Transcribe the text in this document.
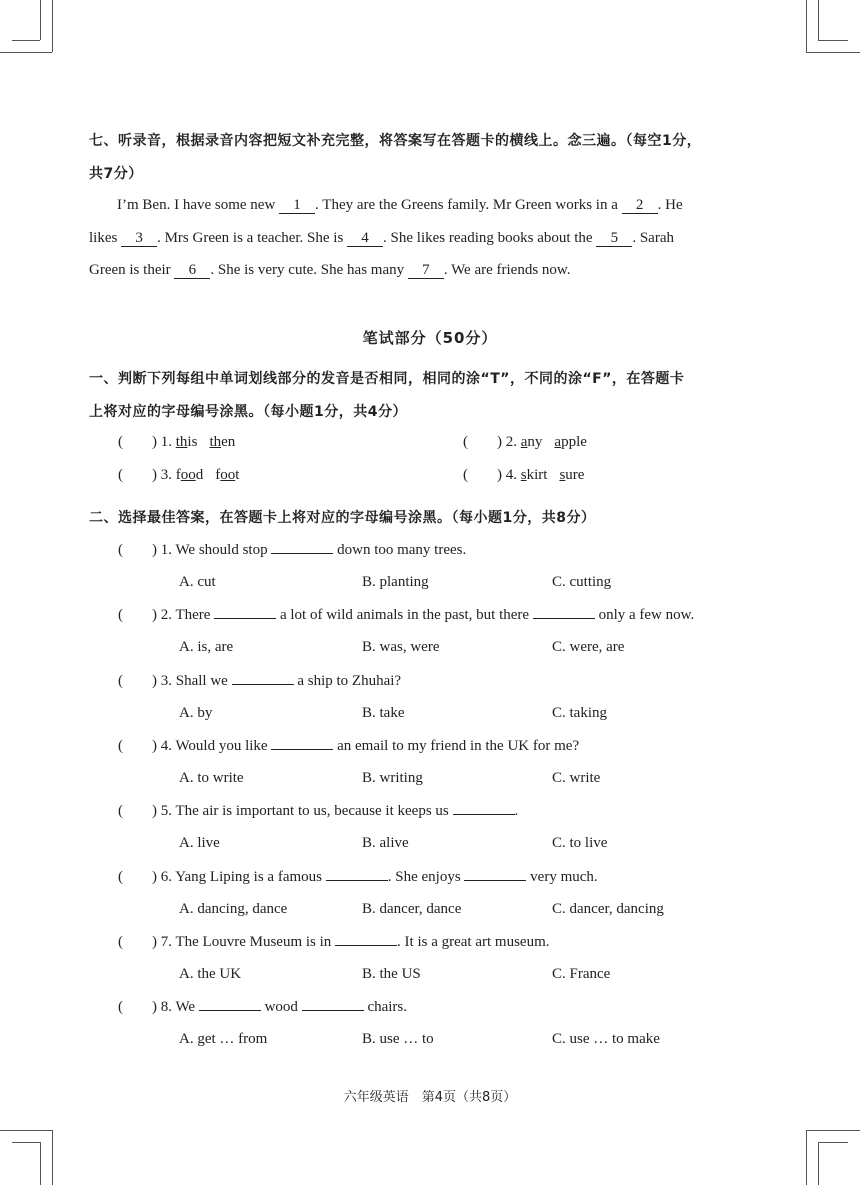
七、听录音，根据录音内容把短文补充完整，将答案写在答题卡的横线上。念三遍。（每空1分，
共7分）
I’m Ben. I have some new 1 . They are the Greens family. Mr Green works in a 2 . He
likes 3 . Mrs Green is a teacher. She is 4 . She likes reading books about the 5 . Sarah
Green is their 6 . She is very cute. She has many 7 . We are friends now.
笔试部分（50分）
一、判断下列每组中单词划线部分的发音是否相同，相同的涂“T”，不同的涂“F”，在答题卡
上将对应的字母编号涂黑。（每小题1分，共4分）
( ) 1. this then	( ) 2. any apple
( ) 3. food foot	( ) 4. skirt sure
二、选择最佳答案，在答题卡上将对应的字母编号涂黑。（每小题1分，共8分）
( ) 1. We should stop	down too many trees.
A. cut	B. planting	C. cutting
( ) 2. There	a lot of wild animals in the past, but there	only a few now.
A. is, are	B. was, were	C. were, are
( ) 3. Shall we	a ship to Zhuhai?
A. by	B. take	C. taking
( ) 4. Would you like	an email to my friend in the UK for me?
A. to write	B. writing	C. write
( ) 5. The air is important to us, because it keeps us	.
A. live	B. alive	C. to live
( ) 6. Yang Liping is a famous	. She enjoys	very much.
A. dancing, dance	B. dancer, dance	C. dancer, dancing
( ) 7. The Louvre Museum is in	. It is a great art museum.
A. the UK	B. the US	C. France
( ) 8. We	wood	chairs.
A. get … from	B. use … to	C. use … to make
六年级英语　第4页（共8页）
